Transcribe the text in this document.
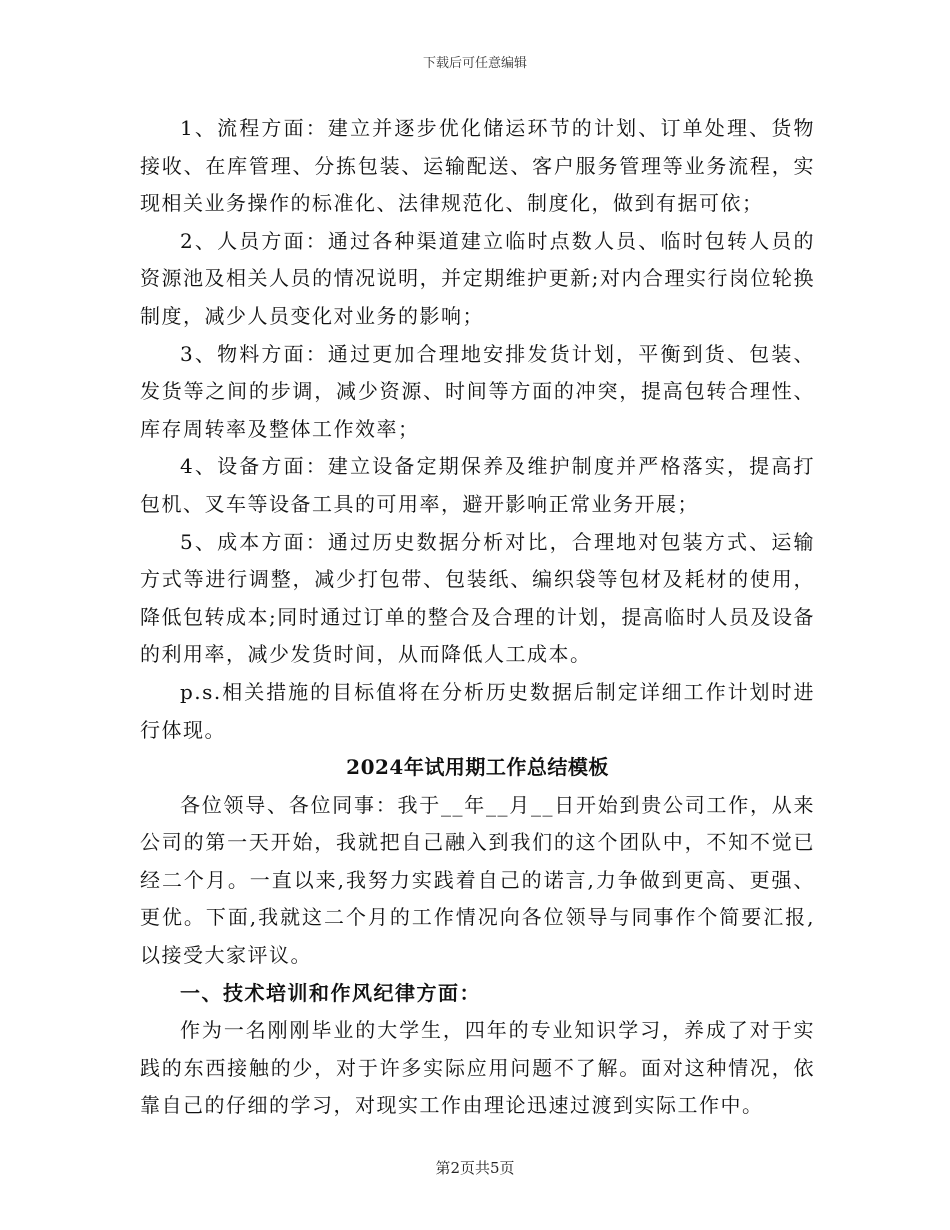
下载后可任意编辑

1、流程方面：建立并逐步优化储运环节的计划、订单处理、货物接收、在库管理、分拣包装、运输配送、客户服务管理等业务流程，实现相关业务操作的标准化、法律规范化、制度化，做到有据可依；

2、人员方面：通过各种渠道建立临时点数人员、临时包转人员的资源池及相关人员的情况说明，并定期维护更新;对内合理实行岗位轮换制度，减少人员变化对业务的影响；

3、物料方面：通过更加合理地安排发货计划，平衡到货、包装、发货等之间的步调，减少资源、时间等方面的冲突，提高包转合理性、库存周转率及整体工作效率；

4、设备方面：建立设备定期保养及维护制度并严格落实，提高打包机、叉车等设备工具的可用率，避开影响正常业务开展；

5、成本方面：通过历史数据分析对比，合理地对包装方式、运输方式等进行调整，减少打包带、包装纸、编织袋等包材及耗材的使用，降低包转成本;同时通过订单的整合及合理的计划，提高临时人员及设备的利用率，减少发货时间，从而降低人工成本。

p.s.相关措施的目标值将在分析历史数据后制定详细工作计划时进行体现。

2024年试用期工作总结模板

各位领导、各位同事：我于__年__月__日开始到贵公司工作，从来公司的第一天开始，我就把自己融入到我们的这个团队中，不知不觉已经二个月。一直以来,我努力实践着自己的诺言,力争做到更高、更强、更优。下面,我就这二个月的工作情况向各位领导与同事作个简要汇报,以接受大家评议。

一、技术培训和作风纪律方面：

作为一名刚刚毕业的大学生，四年的专业知识学习，养成了对于实践的东西接触的少，对于许多实际应用问题不了解。面对这种情况，依靠自己的仔细的学习，对现实工作由理论迅速过渡到实际工作中。

第2页共5页
